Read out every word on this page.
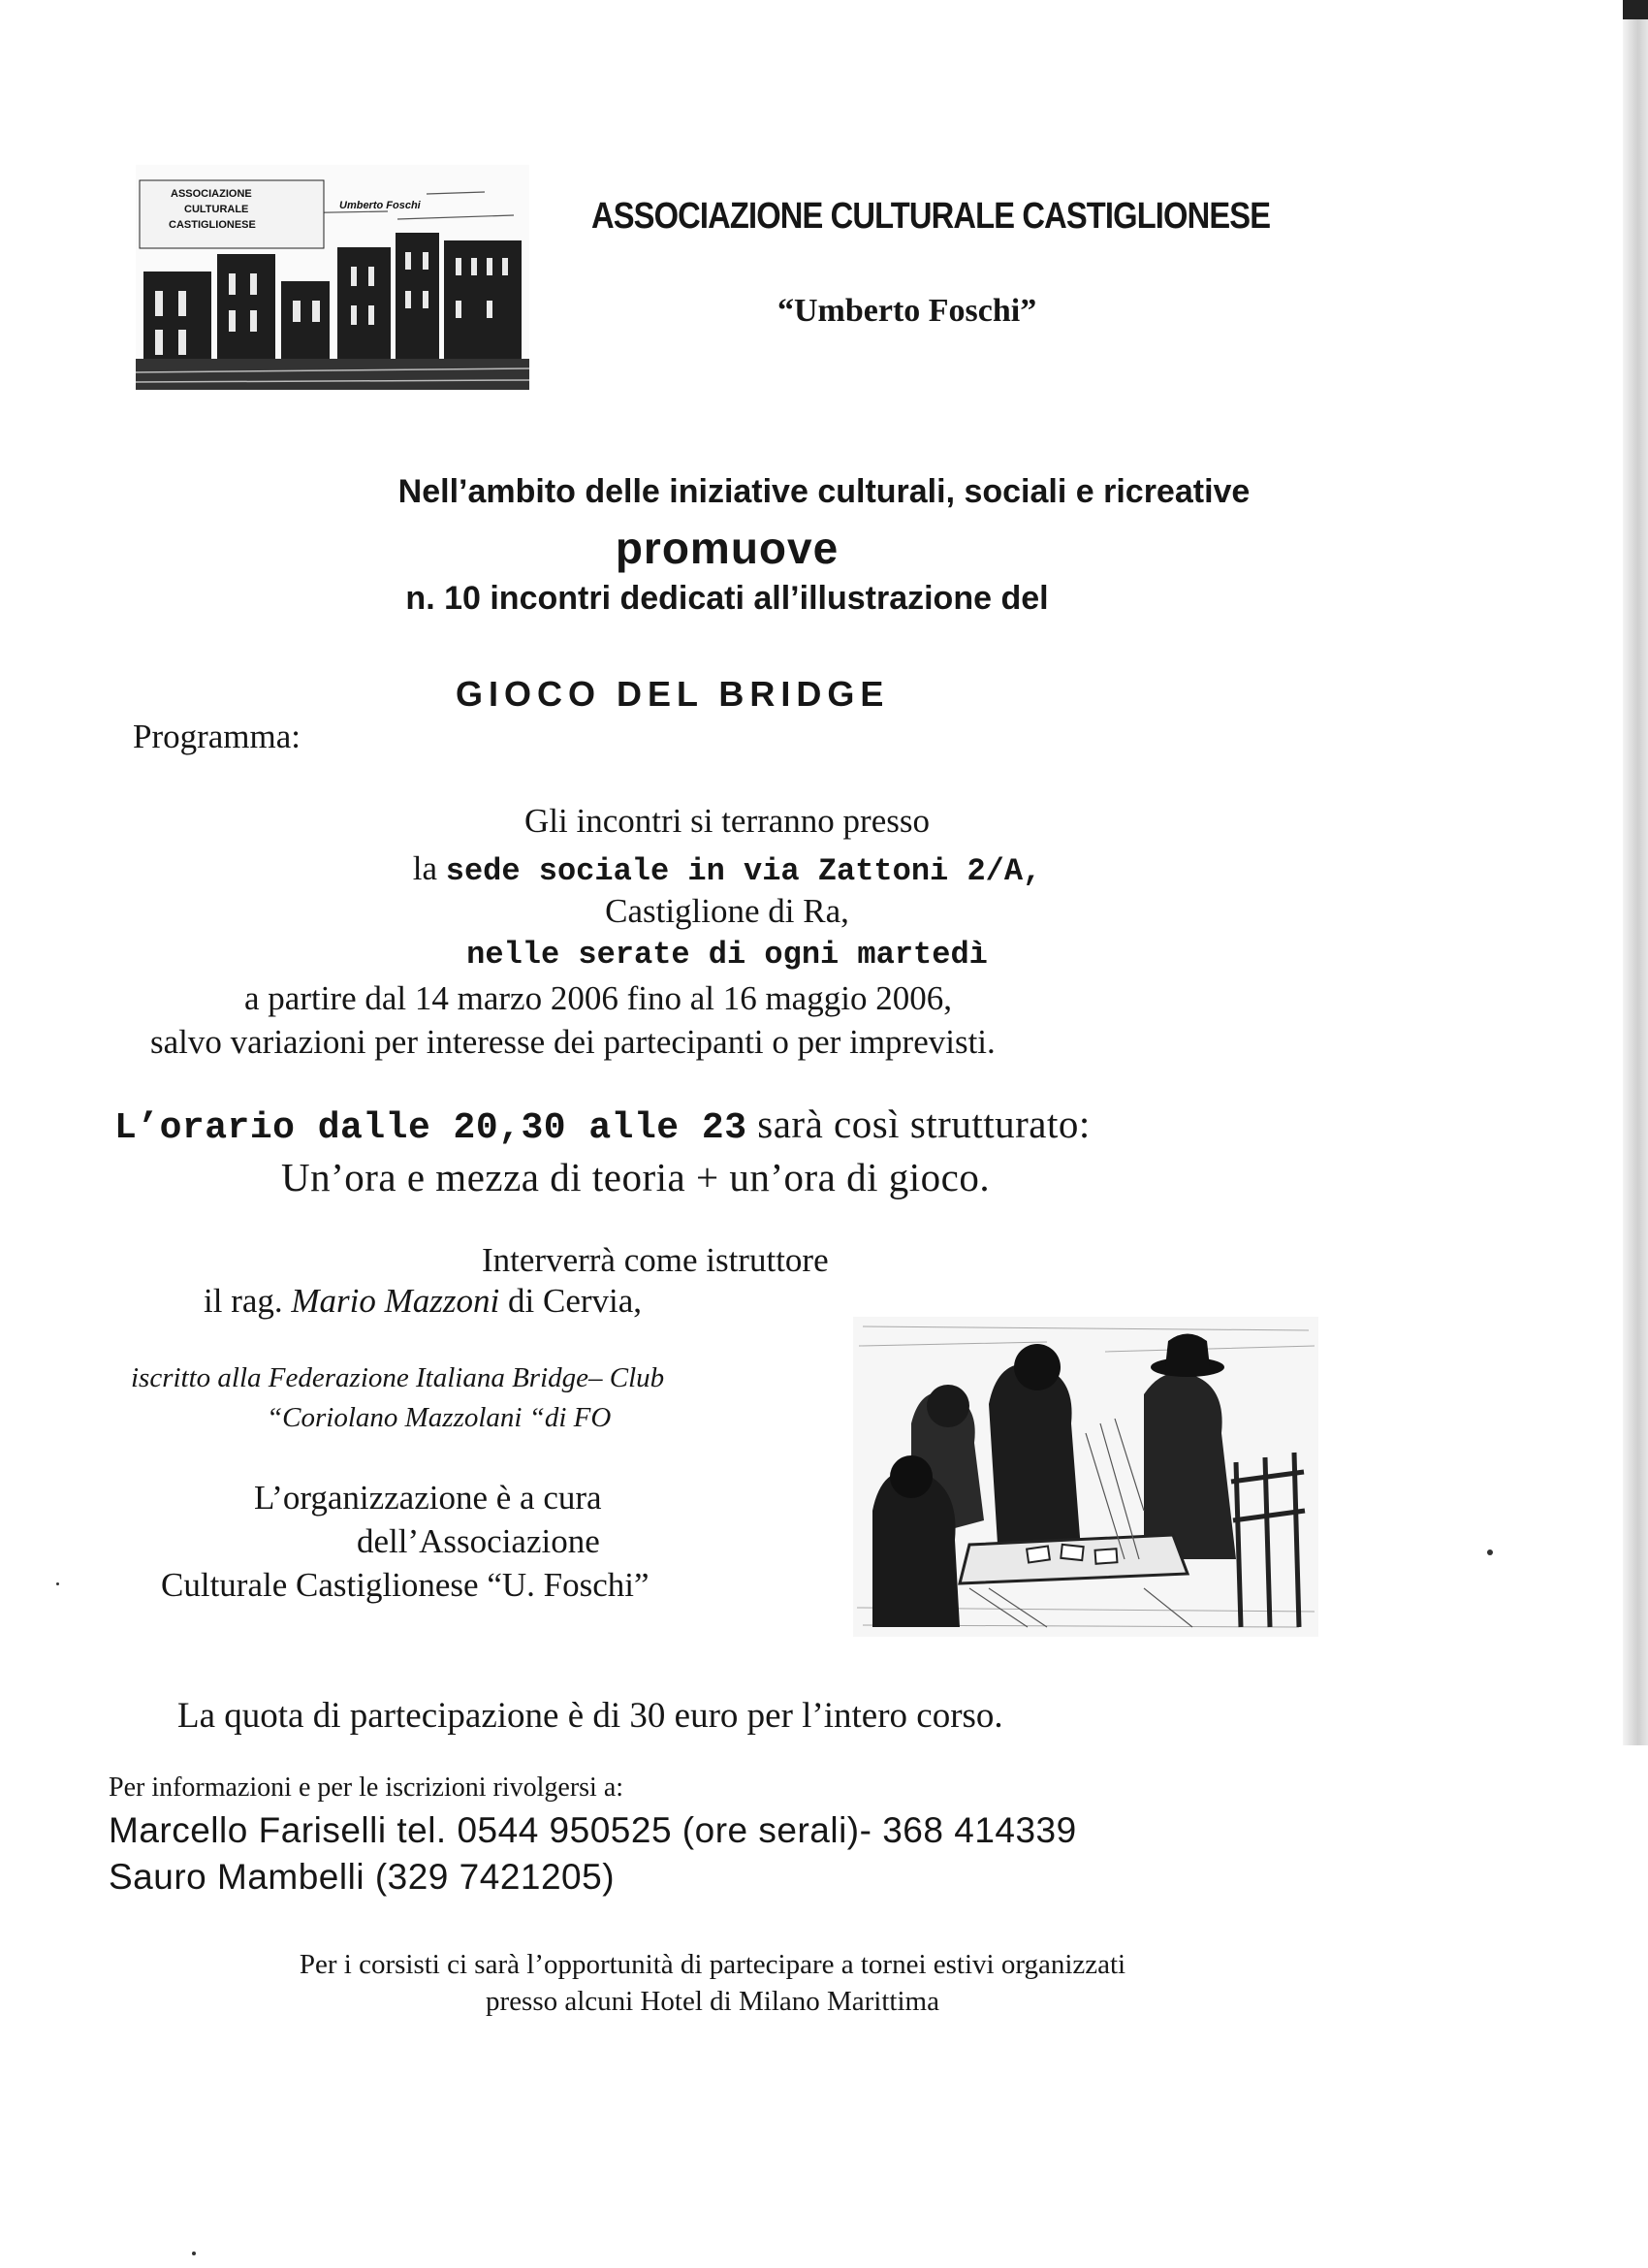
ASSOCIAZIONE
CULTURALE
CASTIGLIONESE
Umberto Foschi	ASSOCIAZIONE CULTURALE CASTIGLIONESE
“Umberto Foschi”
Nell’ambito delle iniziative culturali, sociali e ricreative
promuove
n. 10 incontri dedicati all’illustrazione del
GIOCO DEL BRIDGE
Programma:
Gli incontri si terranno presso
la sede sociale in via Zattoni 2/A,
Castiglione di Ra,
nelle serate di ogni martedì
a partire dal 14 marzo 2006 fino al 16 maggio 2006,
salvo variazioni per interesse dei partecipanti o per imprevisti.
L’orario dalle 20,30 alle 23 sarà così strutturato:
Un’ora e mezza di teoria + un’ora di gioco.
Interverrà come istruttore
il rag. Mario Mazzoni di Cervia,
iscritto alla Federazione Italiana Bridge– Club
“Coriolano Mazzolani “di FO
L’organizzazione è a cura
dell’Associazione
Culturale Castiglionese “U. Foschi”
La quota di partecipazione è di 30 euro per l’intero corso.
Per informazioni e per le iscrizioni rivolgersi a:
Marcello Fariselli tel. 0544 950525 (ore serali)- 368 414339
Sauro Mambelli (329 7421205)
Per i corsisti ci sarà l’opportunità di partecipare a tornei estivi organizzati
presso alcuni Hotel di Milano Marittima
